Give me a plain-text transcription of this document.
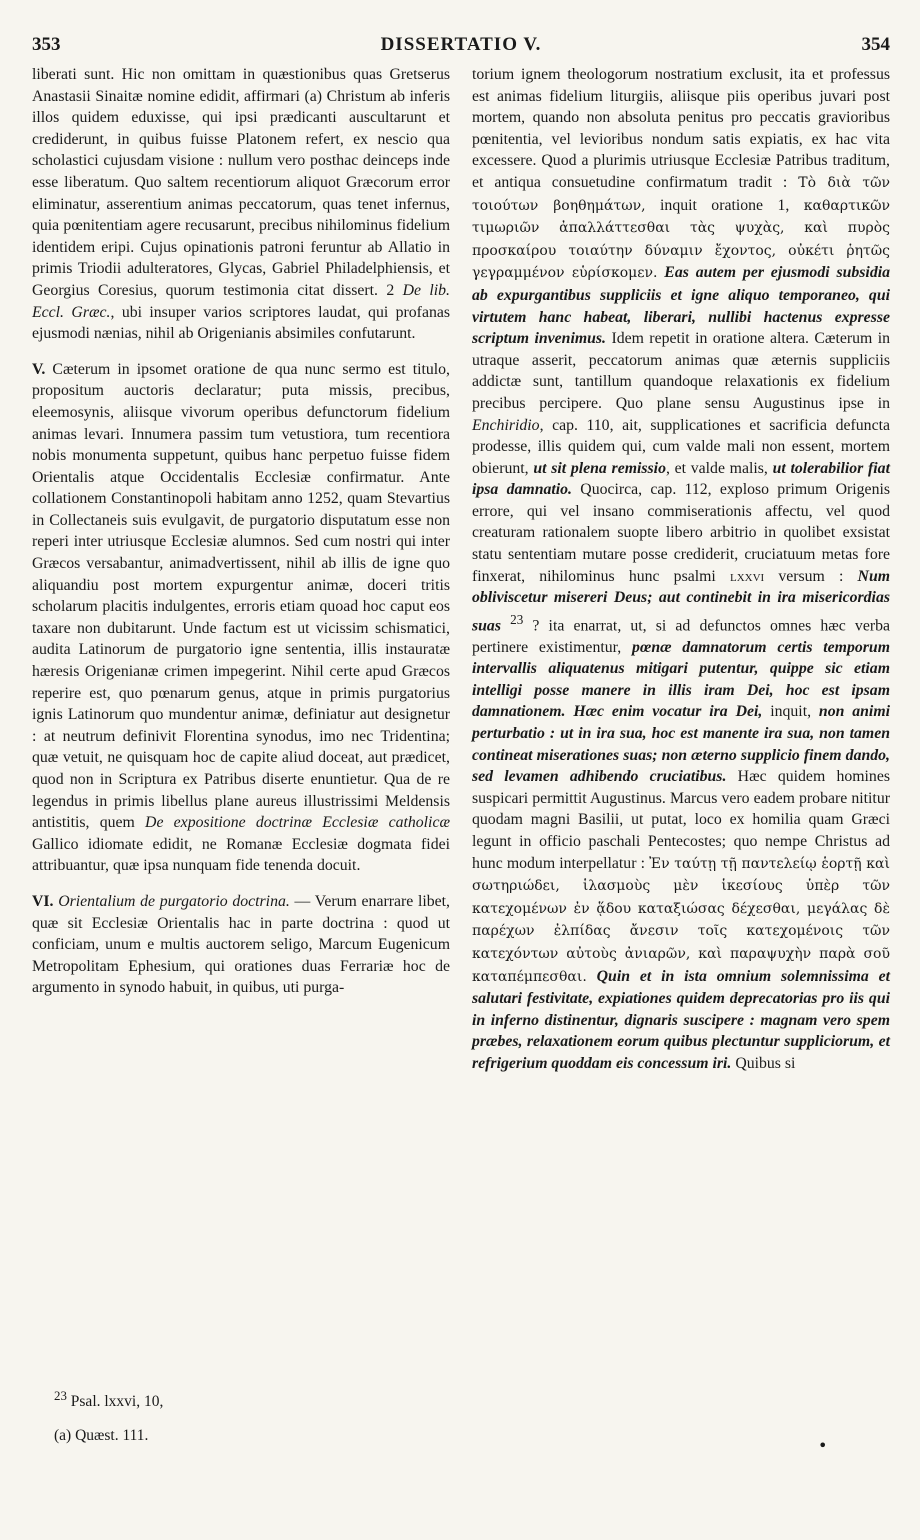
353	DISSERTATIO V.	354

liberati sunt. Hic non omittam in quæstionibus quas Gretserus Anastasii Sinaitæ nomine edidit, affirmari (a) Christum ab inferis illos quidem eduxisse, qui ipsi prædicanti auscultarunt et crediderunt, in quibus fuisse Platonem refert, ex nescio qua scholastici cujusdam visione : nullum vero posthac deinceps inde esse liberatum. Quo saltem recentiorum aliquot Græcorum error eliminatur, asserentium animas peccatorum, quas tenet infernus, quia pœnitentiam agere recusarunt, precibus nihilominus fidelium identidem eripi. Cujus opinationis patroni feruntur ab Allatio in primis Triodii adulteratores, Glycas, Gabriel Philadelphiensis, et Georgius Coresius, quorum testimonia citat dissert. 2 De lib. Eccl. Græc., ubi insuper varios scriptores laudat, qui profanas ejusmodi nænias, nihil ab Origenianis absimiles confutarunt.

V. Cæterum in ipsomet oratione de qua nunc sermo est titulo, propositum auctoris declaratur; puta missis, precibus, eleemosynis, aliisque vivorum operibus defunctorum fidelium animas levari. Innumera passim tum vetustiora, tum recentiora nobis monumenta suppetunt, quibus hanc perpetuo fuisse fidem Orientalis atque Occidentalis Ecclesiæ confirmatur. Ante collationem Constantinopoli habitam anno 1252, quam Stevartius in Collectaneis suis evulgavit, de purgatorio disputatum esse non reperi inter utriusque Ecclesiæ alumnos. Sed cum nostri qui inter Græcos versabantur, animadvertissent, nihil ab illis de igne quo aliquandiu post mortem expurgentur animæ, doceri tritis scholarum placitis indulgentes, erroris etiam quoad hoc caput eos taxare non dubitarunt. Unde factum est ut vicissim schismatici, audita Latinorum de purgatorio igne sententia, illis instauratæ hæresis Origenianæ crimen impegerint. Nihil certe apud Græcos reperire est, quo pœnarum genus, atque in primis purgatorius ignis Latinorum quo mundentur animæ, definiatur aut designetur : at neutrum definivit Florentina synodus, imo nec Tridentina; quæ vetuit, ne quisquam hoc de capite aliud doceat, aut prædicet, quod non in Scriptura ex Patribus diserte enuntietur. Qua de re legendus in primis libellus plane aureus illustrissimi Meldensis antistitis, quem De expositione doctrinæ Ecclesiæ catholicæ Gallico idiomate edidit, ne Romanæ Ecclesiæ dogmata fidei attribuantur, quæ ipsa nunquam fide tenenda docuit.

VI. Orientalium de purgatorio doctrina. — Verum enarrare libet, quæ sit Ecclesiæ Orientalis hac in parte doctrina : quod ut conficiam, unum e multis auctorem seligo, Marcum Eugenicum Metropolitam Ephesium, qui orationes duas Ferrariæ hoc de argumento in synodo habuit, in quibus, uti purga-

torium ignem theologorum nostratium exclusit, ita et professus est animas fidelium liturgiis, aliisque piis operibus juvari post mortem, quando non absoluta penitus pro peccatis gravioribus pœnitentia, vel levioribus nondum satis expiatis, ex hac vita excessere. Quod a plurimis utriusque Ecclesiæ Patribus traditum, et antiqua consuetudine confirmatum tradit : Τὸ διὰ τῶν τοιούτων βοηθημάτων, inquit oratione 1, καθαρτικῶν τιμωριῶν ἀπαλλάττεσθαι τὰς ψυχὰς, καὶ πυρὸς προσκαίρου τοιαύτην δύναμιν ἔχοντος, οὐκέτι ῥητῶς γεγραμμένον εὑρίσκομεν. Eas autem per ejusmodi subsidia ab expurgantibus suppliciis et igne aliquo temporaneo, qui virtutem hanc habeat, liberari, nullibi hactenus expresse scriptum invenimus. Idem repetit in oratione altera. Cæterum in utraque asserit, peccatorum animas quæ æternis suppliciis addictæ sunt, tantillum quandoque relaxationis ex fidelium precibus percipere. Quo plane sensu Augustinus ipse in Enchiridio, cap. 110, ait, supplicationes et sacrificia defuncta prodesse, illis quidem qui, cum valde mali non essent, mortem obierunt, ut sit plena remissio, et valde malis, ut tolerabilior fiat ipsa damnatio. Quocirca, cap. 112, exploso primum Origenis errore, qui vel insano commiserationis affectu, vel quod creaturam rationalem suopte libero arbitrio in quolibet exsistat statu sententiam mutare posse crediderit, cruciatuum metas fore finxerat, nihilominus hunc psalmi lxxvi versum : Num obliviscetur misereri Deus; aut continebit in ira misericordias suas $^{23}$ ? ita enarrat, ut, si ad defunctos omnes hæc verba pertinere existimentur, pœnæ damnatorum certis temporum intervallis aliquatenus mitigari putentur, quippe sic etiam intelligi posse manere in illis iram Dei, hoc est ipsam damnationem. Hæc enim vocatur ira Dei, inquit, non animi perturbatio : ut in ira sua, hoc est manente ira sua, non tamen contineat miserationes suas; non æterno supplicio finem dando, sed levamen adhibendo cruciatibus. Hæc quidem homines suspicari permittit Augustinus. Marcus vero eadem probare nititur quodam magni Basilii, ut putat, loco ex homilia quam Græci legunt in officio paschali Pentecostes; quo nempe Christus ad hunc modum interpellatur : Ἐν ταύτῃ τῇ παντελείῳ ἑορτῇ καὶ σωτηριώδει, ἱλασμοὺς μὲν ἱκεσίους ὑπὲρ τῶν κατεχομένων ἐν ᾅδου καταξιώσας δέχεσθαι, μεγάλας δὲ παρέχων ἐλπίδας ἄνεσιν τοῖς κατεχομένοις τῶν κατεχόντων αὐτοὺς ἀνιαρῶν, καὶ παραψυχὴν παρὰ σοῦ καταπέμπεσθαι. Quin et in ista omnium solemnissima et salutari festivitate, expiationes quidem deprecatorias pro iis qui in inferno distinentur, dignaris suscipere : magnam vero spem præbes, relaxationem eorum quibus plectuntur suppliciorum, et refrigerium quoddam eis concessum iri. Quibus si

$^{23}$ Psal. lxxvi, 10,
(a) Quæst. 111.
•
